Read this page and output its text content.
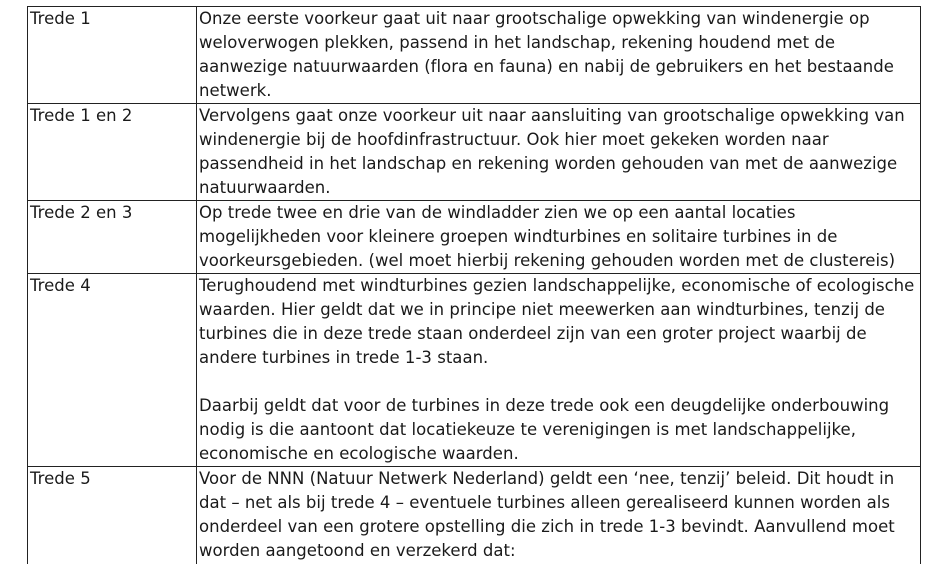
Trede 1	Onze eerste voorkeur gaat uit naar grootschalige opwekking van windenergie op weloverwogen plekken, passend in het landschap, rekening houdend met de aanwezige natuurwaarden (flora en fauna) en nabij de gebruikers en het bestaande netwerk.

Trede 1 en 2	Vervolgens gaat onze voorkeur uit naar aansluiting van grootschalige opwekking van windenergie bij de hoofdinfrastructuur. Ook hier moet gekeken worden naar passendheid in het landschap en rekening worden gehouden van met de aanwezige natuurwaarden.

Trede 2 en 3	Op trede twee en drie van de windladder zien we op een aantal locaties mogelijkheden voor kleinere groepen windturbines en solitaire turbines in de voorkeursgebieden. (wel moet hierbij rekening gehouden worden met de clustereis)

Trede 4	Terughoudend met windturbines gezien landschappelijke, economische of ecologische waarden. Hier geldt dat we in principe niet meewerken aan windturbines, tenzij de turbines die in deze trede staan onderdeel zijn van een groter project waarbij de andere turbines in trede 1-3 staan.

Daarbij geldt dat voor de turbines in deze trede ook een deugdelijke onderbouwing nodig is die aantoont dat locatiekeuze te verenigingen is met landschappelijke, economische en ecologische waarden.

Trede 5	Voor de NNN (Natuur Netwerk Nederland) geldt een ‘nee, tenzij’ beleid. Dit houdt in dat – net als bij trede 4 – eventuele turbines alleen gerealiseerd kunnen worden als onderdeel van een grotere opstelling die zich in trede 1-3 bevindt. Aanvullend moet worden aangetoond en verzekerd dat:
